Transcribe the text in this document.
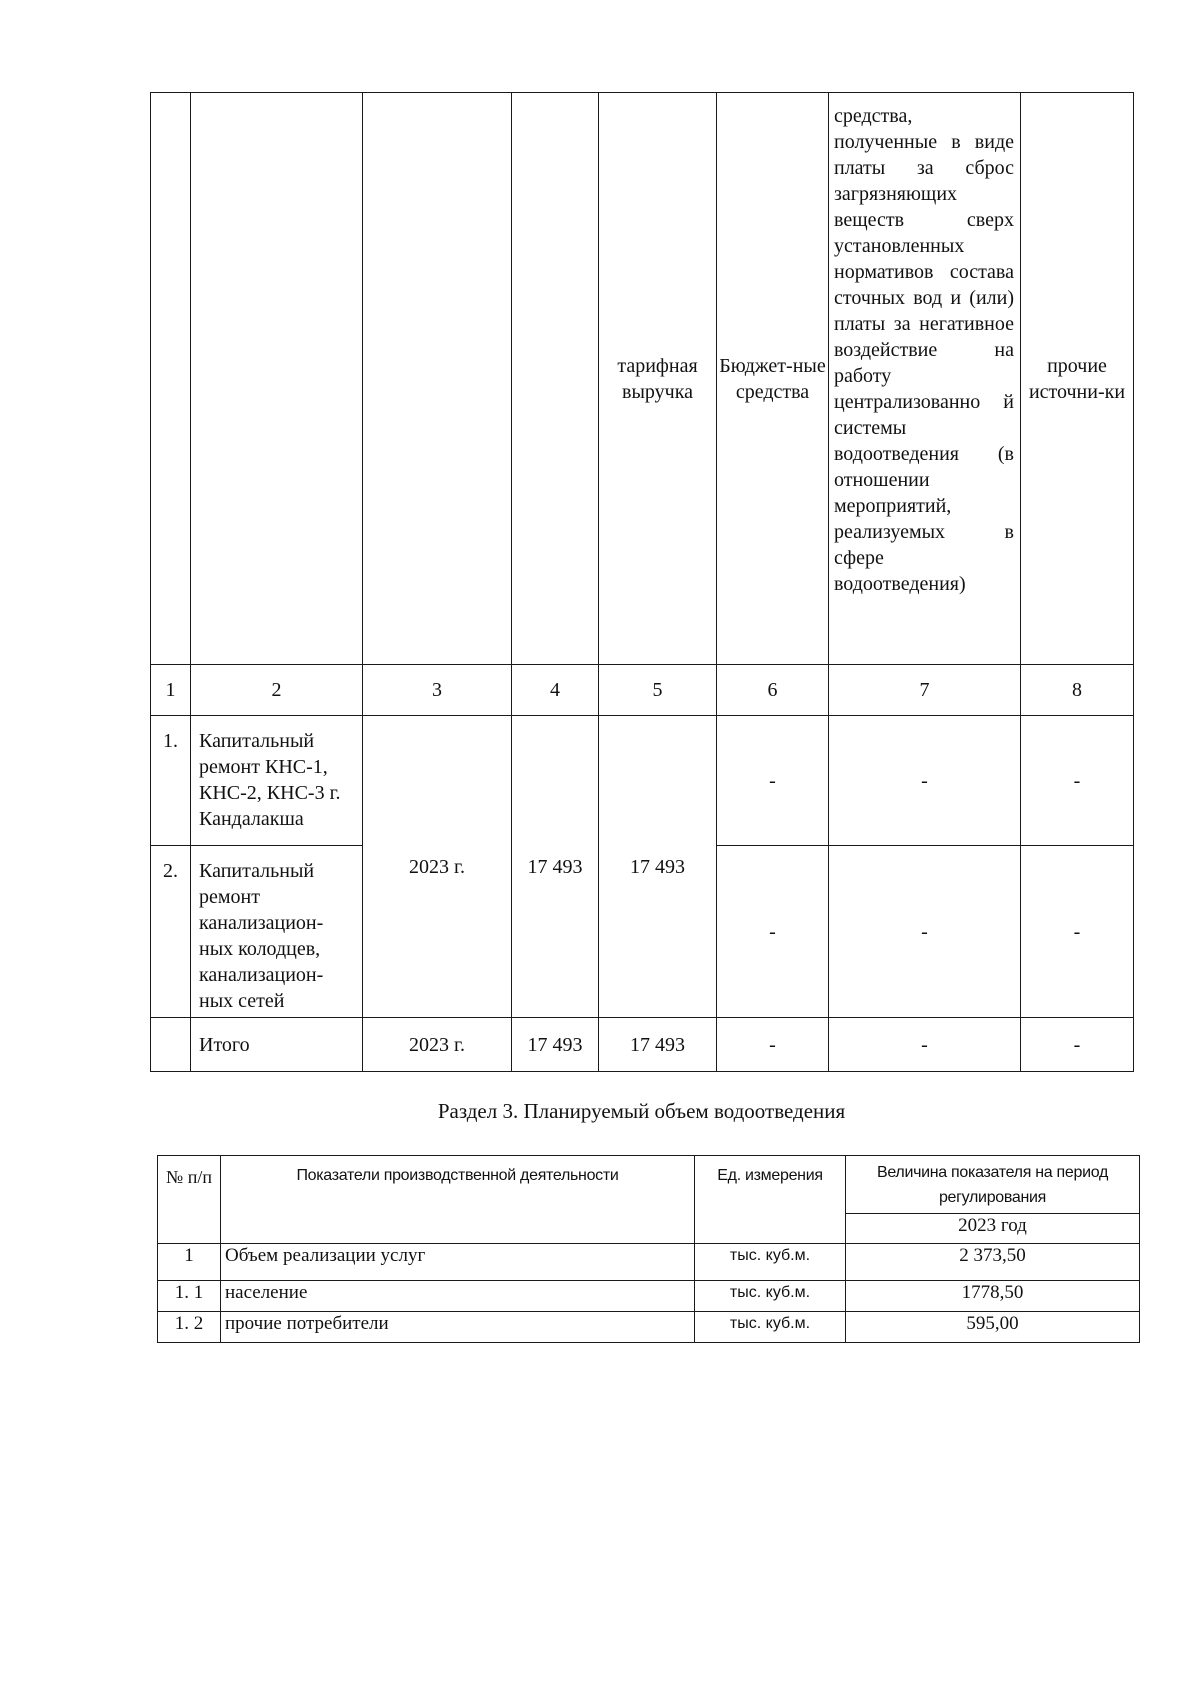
				тарифная выручка	Бюджет-ные средства	средства, полученные в виде платы за сброс загрязняющих веществ сверх установленных нормативов состава сточных вод и (или) платы за негативное воздействие на работу централизованно й системы водоотведения (в отношении мероприятий, реализуемых в сфере водоотведения)	прочие источни-ки
1	2	3	4	5	6	7	8
1.	Капитальный ремонт КНС-1, КНС-2, КНС-3 г. Кандалакша	2023 г.	17 493	17 493	-	-	-
2.	Капитальный ремонт канализацион-ных колодцев, канализацион-ных сетей				-	-	-
	Итого	2023 г.	17 493	17 493	-	-	-
Раздел 3. Планируемый объем водоотведения
№ п/п	Показатели производственной деятельности	Ед. измерения	Величина показателя на период регулирования
			2023 год
1	Объем реализации услуг	тыс. куб.м.	2 373,50
1. 1	население	тыс. куб.м.	1778,50
1. 2	прочие потребители	тыс. куб.м.	595,00
